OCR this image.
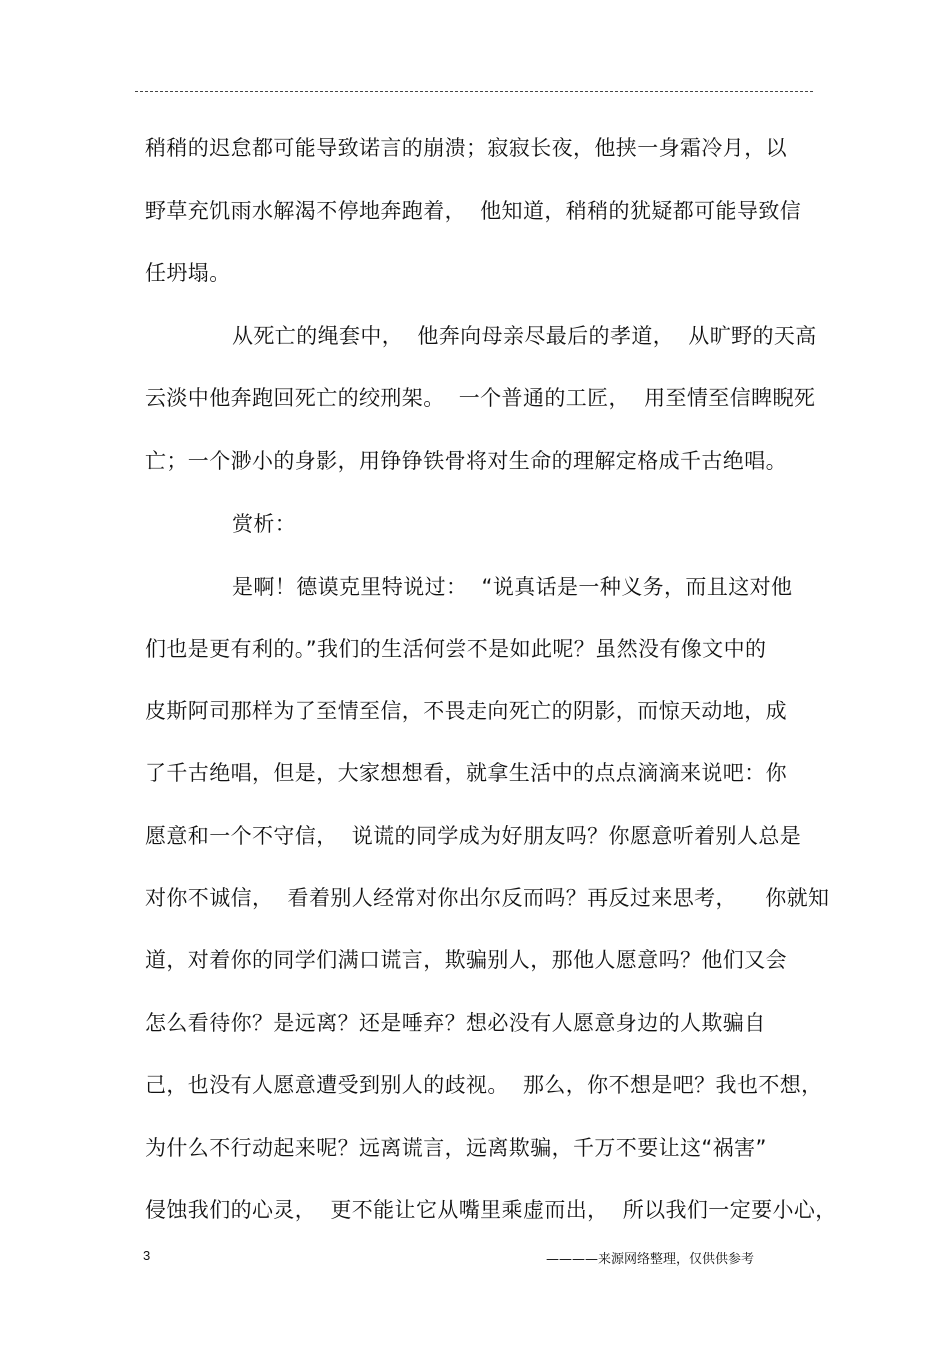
稍稍的迟怠都可能导致诺言的崩溃；寂寂长夜，他挟一身霜冷月，以
野草充饥雨水解渴不停地奔跑着，  他知道，稍稍的犹疑都可能导致信
任坍塌。
从死亡的绳套中，  他奔向母亲尽最后的孝道，  从旷野的天高
云淡中他奔跑回死亡的绞刑架。  一个普通的工匠，  用至情至信睥睨死
亡；一个渺小的身影，用铮铮铁骨将对生命的理解定格成千古绝唱。
赏析：
是啊！德谟克里特说过：  “说真话是一种义务，而且这对他
们也是更有利的。”我们的生活何尝不是如此呢？虽然没有像文中的
皮斯阿司那样为了至情至信，不畏走向死亡的阴影，而惊天动地，成
了千古绝唱，但是，大家想想看，就拿生活中的点点滴滴来说吧：你
愿意和一个不守信，  说谎的同学成为好朋友吗？你愿意听着别人总是
对你不诚信，  看着别人经常对你出尔反而吗？再反过来思考，    你就知
道，对着你的同学们满口谎言，欺骗别人，那他人愿意吗？他们又会
怎么看待你？是远离？还是唾弃？想必没有人愿意身边的人欺骗自
己，也没有人愿意遭受到别人的歧视。  那么，你不想是吧？我也不想，
为什么不行动起来呢？远离谎言，远离欺骗，千万不要让这“祸害”
侵蚀我们的心灵，  更不能让它从嘴里乘虚而出，  所以我们一定要小心，
3	————来源网络整理，仅供供参考
